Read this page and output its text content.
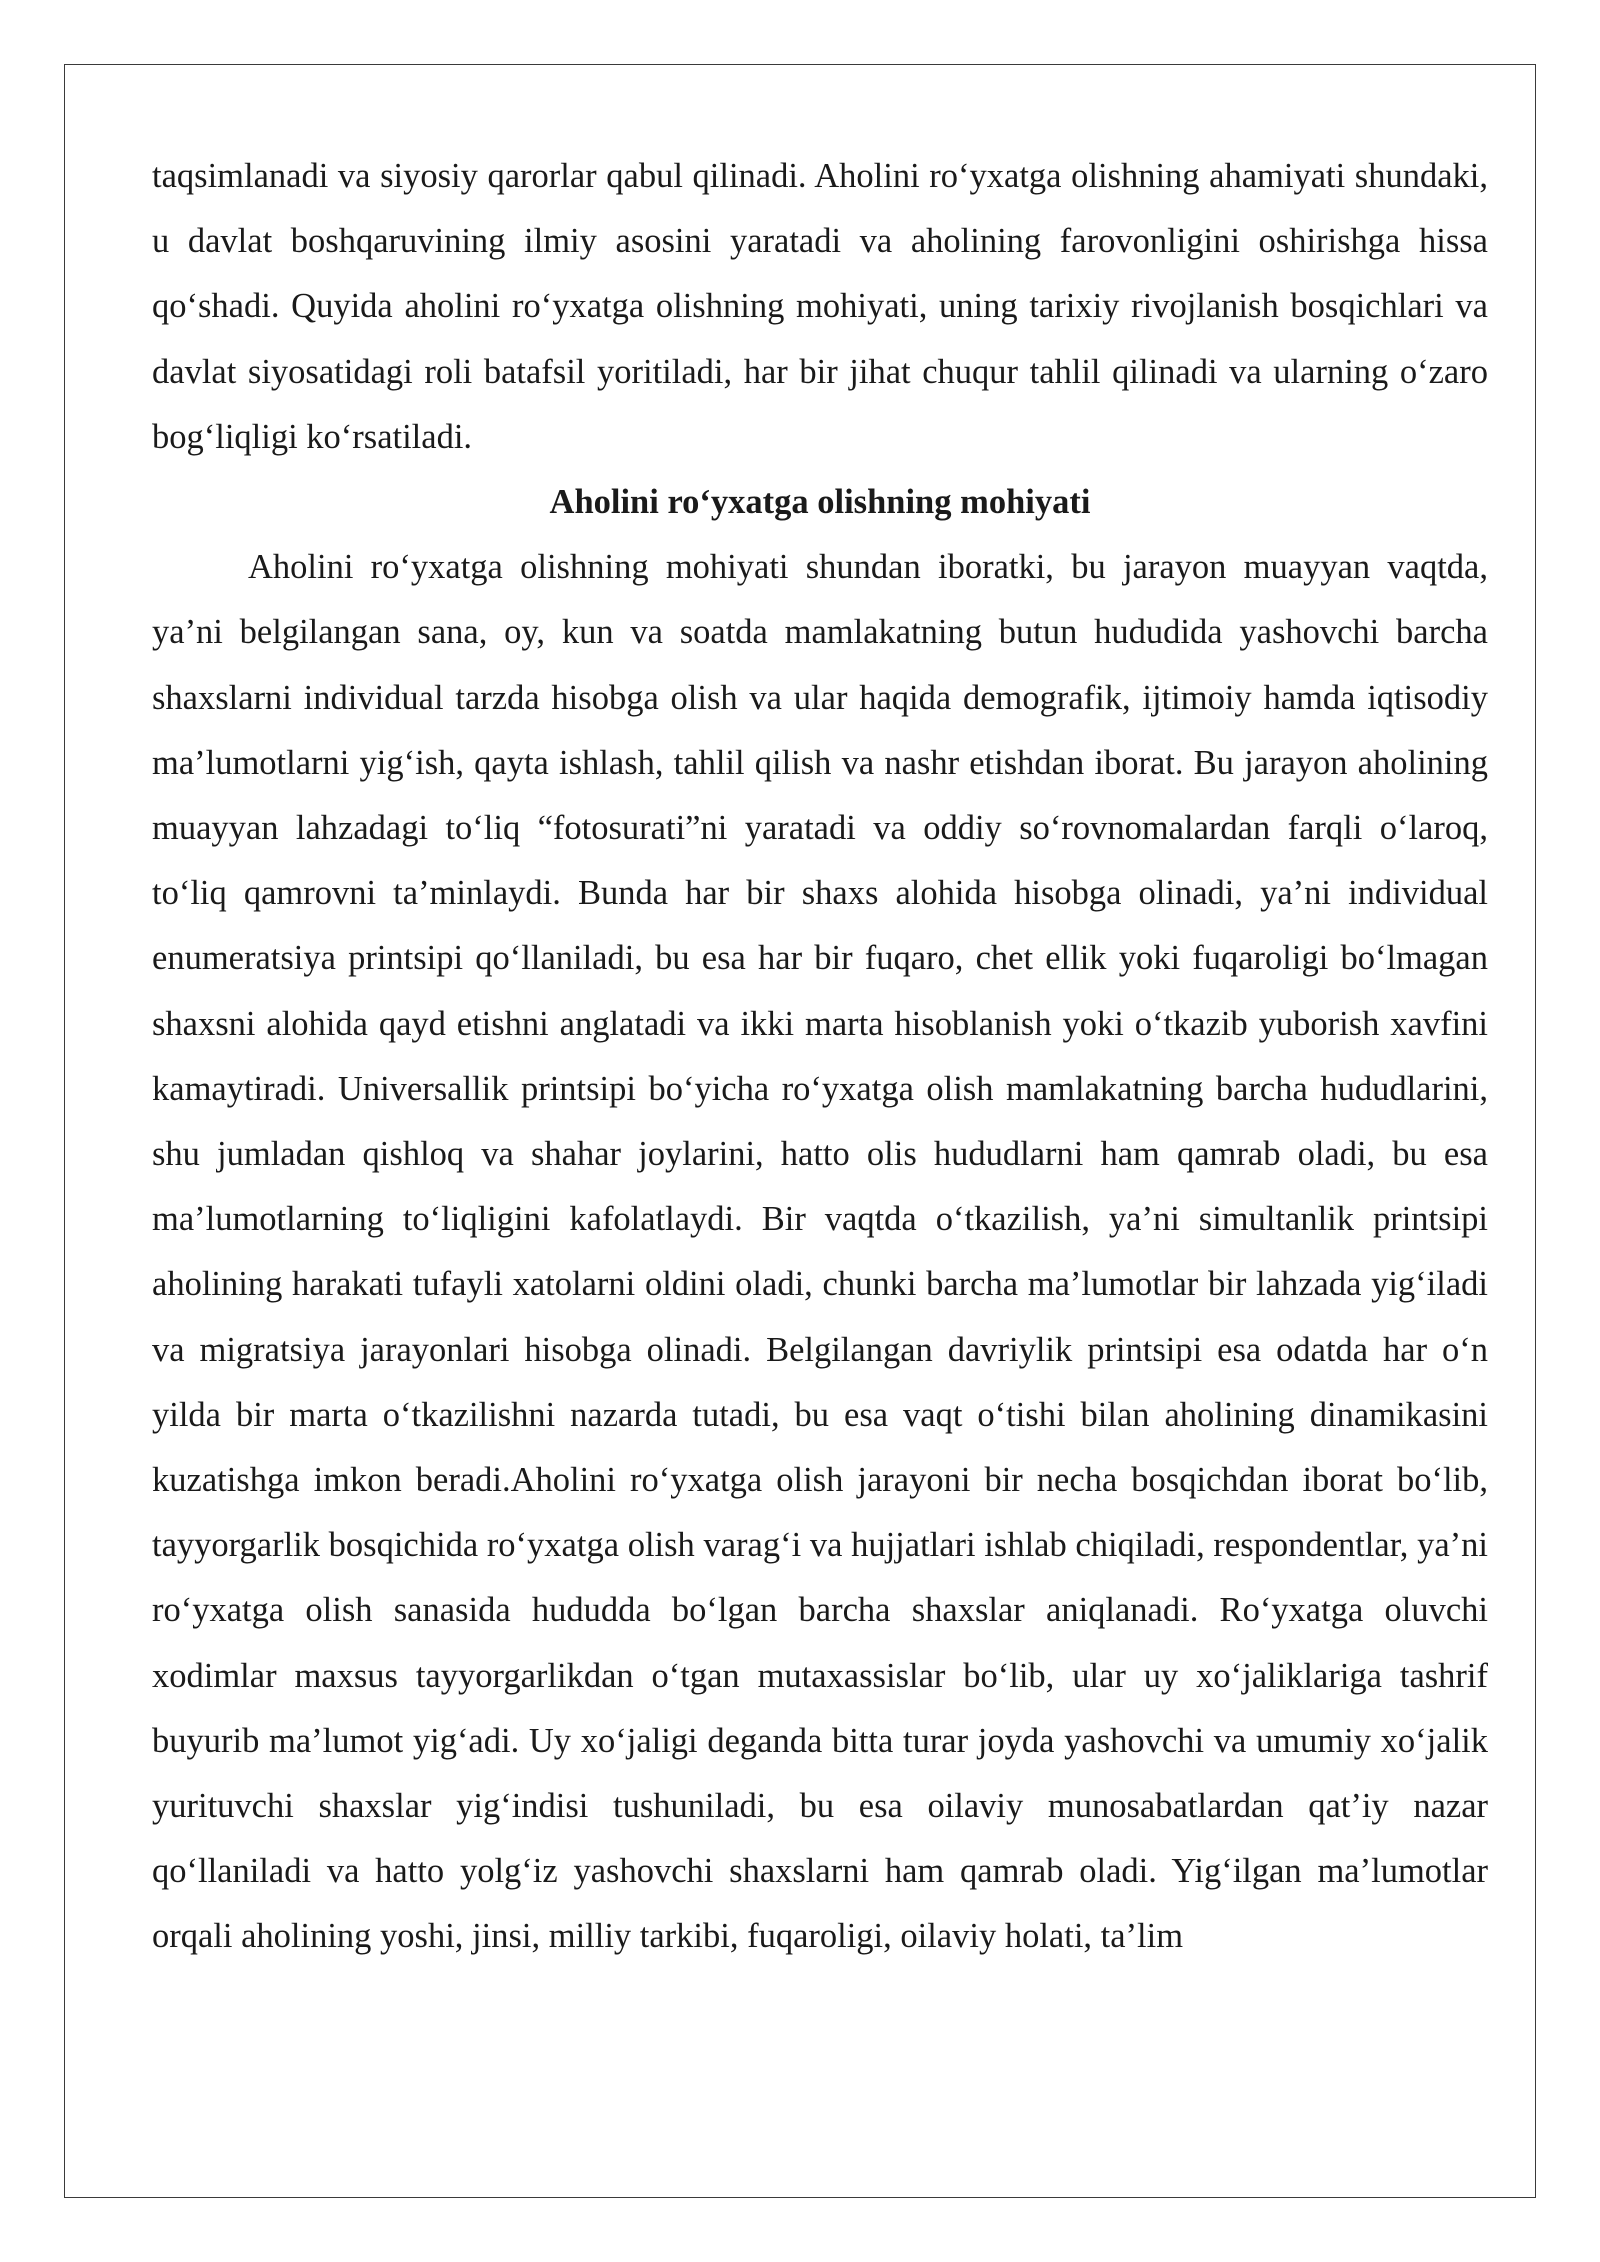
taqsimlanadi va siyosiy qarorlar qabul qilinadi. Aholini ro‘yxatga olishning ahamiyati shundaki, u davlat boshqaruvining ilmiy asosini yaratadi va aholining farovonligini oshirishga hissa qo‘shadi. Quyida aholini ro‘yxatga olishning mohiyati, uning tarixiy rivojlanish bosqichlari va davlat siyosatidagi roli batafsil yoritiladi, har bir jihat chuqur tahlil qilinadi va ularning o‘zaro bog‘liqligi ko‘rsatiladi.

Aholini ro‘yxatga olishning mohiyati

Aholini ro‘yxatga olishning mohiyati shundan iboratki, bu jarayon muayyan vaqtda, ya’ni belgilangan sana, oy, kun va soatda mamlakatning butun hududida yashovchi barcha shaxslarni individual tarzda hisobga olish va ular haqida demografik, ijtimoiy hamda iqtisodiy ma’lumotlarni yig‘ish, qayta ishlash, tahlil qilish va nashr etishdan iborat. Bu jarayon aholining muayyan lahzadagi to‘liq “fotosurati”ni yaratadi va oddiy so‘rovnomalardan farqli o‘laroq, to‘liq qamrovni ta’minlaydi. Bunda har bir shaxs alohida hisobga olinadi, ya’ni individual enumeratsiya printsipi qo‘llaniladi, bu esa har bir fuqaro, chet ellik yoki fuqaroligi bo‘lmagan shaxsni alohida qayd etishni anglatadi va ikki marta hisoblanish yoki o‘tkazib yuborish xavfini kamaytiradi. Universallik printsipi bo‘yicha ro‘yxatga olish mamlakatning barcha hududlarini, shu jumladan qishloq va shahar joylarini, hatto olis hududlarni ham qamrab oladi, bu esa ma’lumotlarning to‘liqligini kafolatlaydi. Bir vaqtda o‘tkazilish, ya’ni simultanlik printsipi aholining harakati tufayli xatolarni oldini oladi, chunki barcha ma’lumotlar bir lahzada yig‘iladi va migratsiya jarayonlari hisobga olinadi. Belgilangan davriylik printsipi esa odatda har o‘n yilda bir marta o‘tkazilishni nazarda tutadi, bu esa vaqt o‘tishi bilan aholining dinamikasini kuzatishga imkon beradi.Aholini ro‘yxatga olish jarayoni bir necha bosqichdan iborat bo‘lib, tayyorgarlik bosqichida ro‘yxatga olish varag‘i va hujjatlari ishlab chiqiladi, respondentlar, ya’ni ro‘yxatga olish sanasida hududda bo‘lgan barcha shaxslar aniqlanadi. Ro‘yxatga oluvchi xodimlar maxsus tayyorgarlikdan o‘tgan mutaxassislar bo‘lib, ular uy xo‘jaliklariga tashrif buyurib ma’lumot yig‘adi. Uy xo‘jaligi deganda bitta turar joyda yashovchi va umumiy xo‘jalik yurituvchi shaxslar yig‘indisi tushuniladi, bu esa oilaviy munosabatlardan qat’iy nazar qo‘llaniladi va hatto yolg‘iz yashovchi shaxslarni ham qamrab oladi. Yig‘ilgan ma’lumotlar orqali aholining yoshi, jinsi, milliy tarkibi, fuqaroligi, oilaviy holati, ta’lim
